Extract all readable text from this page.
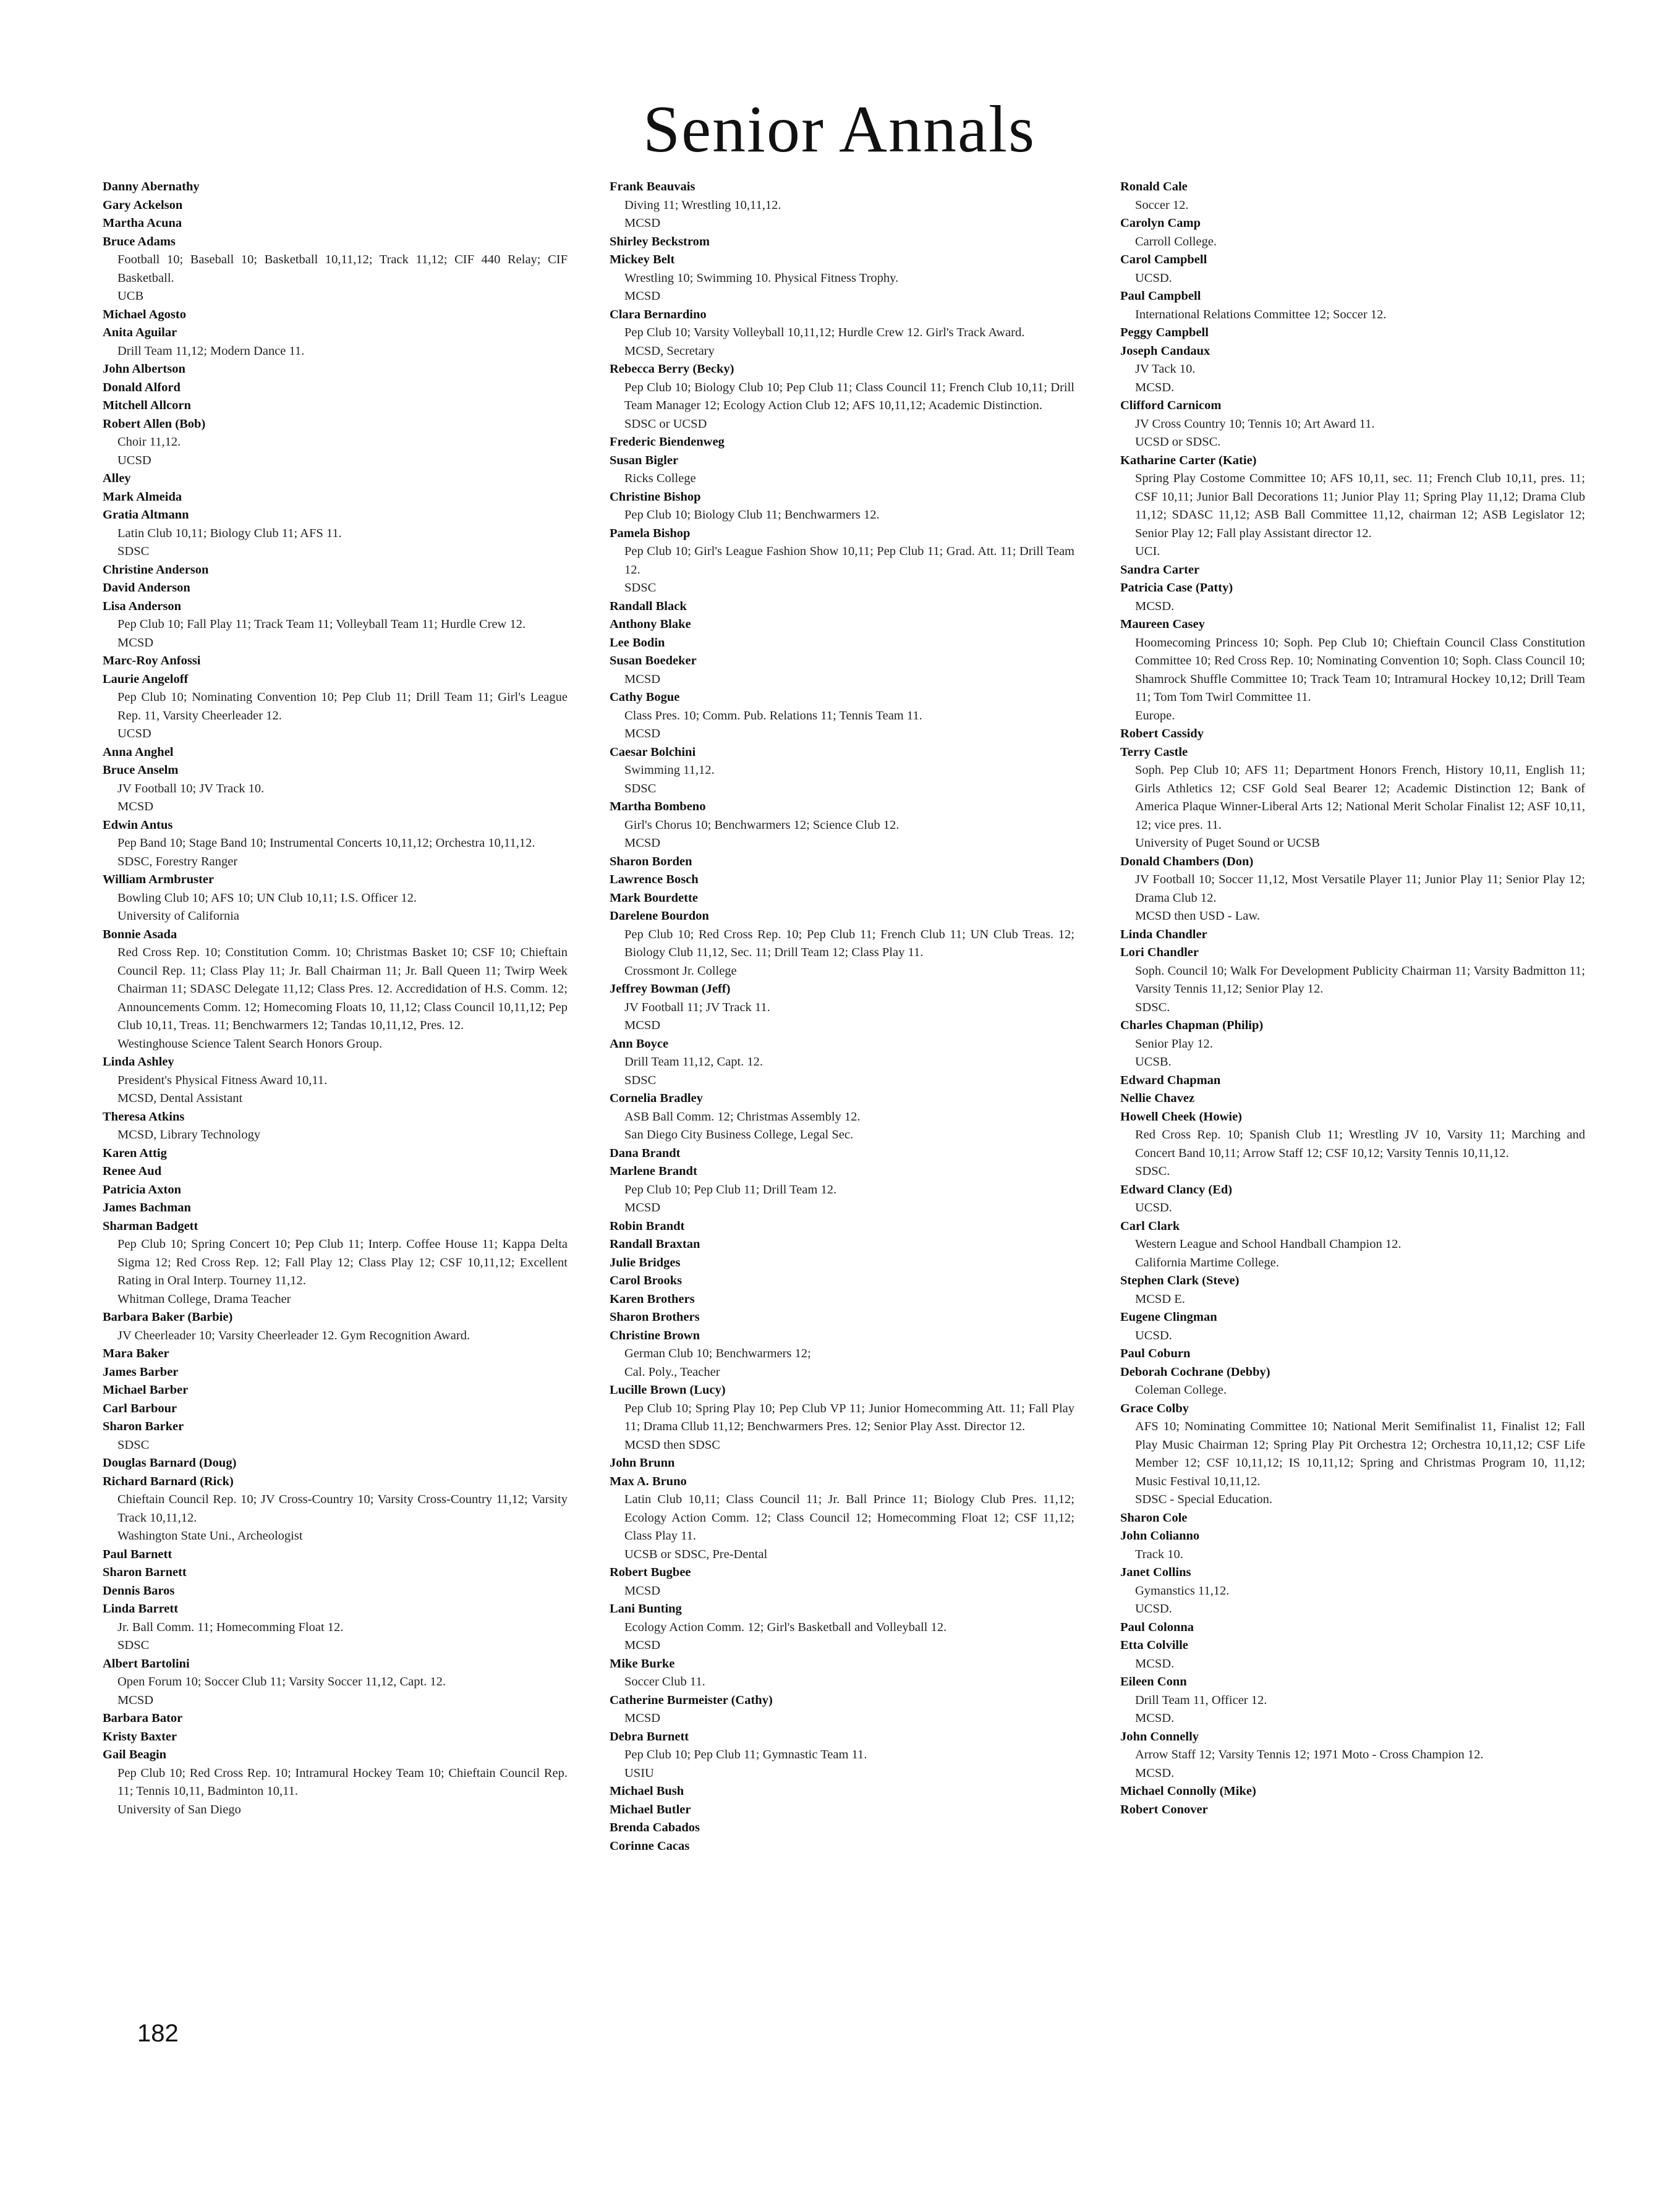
Senior Annals
Danny Abernathy
Gary Ackelson
Martha Acuna
Bruce Adams
Football 10; Baseball 10; Basketball 10,11,12; Track 11,12; CIF 440 Relay; CIF Basketball.
UCB
Michael Agosto
Anita Aguilar
Drill Team 11,12; Modern Dance 11.
John Albertson
Donald Alford
Mitchell Allcorn
Robert Allen (Bob)
Choir 11,12.
UCSD
Alley
Mark Almeida
Gratia Altmann
Latin Club 10,11; Biology Club 11; AFS 11.
SDSC
Christine Anderson
David Anderson
Lisa Anderson
Pep Club 10; Fall Play 11; Track Team 11; Volleyball Team 11; Hurdle Crew 12.
MCSD
Marc-Roy Anfossi
Laurie Angeloff
Pep Club 10; Nominating Convention 10; Pep Club 11; Drill Team 11; Girl's League Rep. 11, Varsity Cheerleader 12.
UCSD
Anna Anghel
Bruce Anselm
JV Football 10; JV Track 10.
MCSD
Edwin Antus
Pep Band 10; Stage Band 10; Instrumental Concerts 10,11,12; Orchestra 10,11,12.
SDSC, Forestry Ranger
William Armbruster
Bowling Club 10; AFS 10; UN Club 10,11; I.S. Officer 12.
University of California
Bonnie Asada
Red Cross Rep. 10; Constitution Comm. 10; Christmas Basket 10; CSF 10; Chieftain Council Rep. 11; Class Play 11; Jr. Ball Chairman 11; Jr. Ball Queen 11; Twirp Week Chairman 11; SDASC Delegate 11,12; Class Pres. 12. Accredidation of H.S. Comm. 12; Announcements Comm. 12; Homecoming Floats 10, 11,12; Class Council 10,11,12; Pep Club 10,11, Treas. 11; Benchwarmers 12; Tandas 10,11,12, Pres. 12.
Westinghouse Science Talent Search Honors Group.
Linda Ashley
President's Physical Fitness Award 10,11.
MCSD, Dental Assistant
Theresa Atkins
MCSD, Library Technology
Karen Attig
Renee Aud
Patricia Axton
James Bachman
Sharman Badgett
Pep Club 10; Spring Concert 10; Pep Club 11; Interp. Coffee House 11; Kappa Delta Sigma 12; Red Cross Rep. 12; Fall Play 12; Class Play 12; CSF 10,11,12; Excellent Rating in Oral Interp. Tourney 11,12.
Whitman College, Drama Teacher
Barbara Baker (Barbie)
JV Cheerleader 10; Varsity Cheerleader 12. Gym Recognition Award.
Mara Baker
James Barber
Michael Barber
Carl Barbour
Sharon Barker
SDSC
Douglas Barnard (Doug)
Richard Barnard (Rick)
Chieftain Council Rep. 10; JV Cross-Country 10; Varsity Cross-Country 11,12; Varsity Track 10,11,12.
Washington State Uni., Archeologist
Paul Barnett
Sharon Barnett
Dennis Baros
Linda Barrett
Jr. Ball Comm. 11; Homecomming Float 12.
SDSC
Albert Bartolini
Open Forum 10; Soccer Club 11; Varsity Soccer 11,12, Capt. 12.
MCSD
Barbara Bator
Kristy Baxter
Gail Beagin
Pep Club 10; Red Cross Rep. 10; Intramural Hockey Team 10; Chieftain Council Rep. 11; Tennis 10,11, Badminton 10,11.
University of San Diego
Frank Beauvais
Diving 11; Wrestling 10,11,12.
MCSD
Shirley Beckstrom
Mickey Belt
Wrestling 10; Swimming 10. Physical Fitness Trophy.
MCSD
Clara Bernardino
Pep Club 10; Varsity Volleyball 10,11,12; Hurdle Crew 12. Girl's Track Award.
MCSD, Secretary
Rebecca Berry (Becky)
Pep Club 10; Biology Club 10; Pep Club 11; Class Council 11; French Club 10,11; Drill Team Manager 12; Ecology Action Club 12; AFS 10,11,12; Academic Distinction.
SDSC or UCSD
Frederic Biendenweg
Susan Bigler
Ricks College
Christine Bishop
Pep Club 10; Biology Club 11; Benchwarmers 12.
Pamela Bishop
Pep Club 10; Girl's League Fashion Show 10,11; Pep Club 11; Grad. Att. 11; Drill Team 12.
SDSC
Randall Black
Anthony Blake
Lee Bodin
Susan Boedeker
MCSD
Cathy Bogue
Class Pres. 10; Comm. Pub. Relations 11; Tennis Team 11.
MCSD
Caesar Bolchini
Swimming 11,12.
SDSC
Martha Bombeno
Girl's Chorus 10; Benchwarmers 12; Science Club 12.
MCSD
Sharon Borden
Lawrence Bosch
Mark Bourdette
Darelene Bourdon
Pep Club 10; Red Cross Rep. 10; Pep Club 11; French Club 11; UN Club Treas. 12; Biology Club 11,12, Sec. 11; Drill Team 12; Class Play 11.
Crossmont Jr. College
Jeffrey Bowman (Jeff)
JV Football 11; JV Track 11.
MCSD
Ann Boyce
Drill Team 11,12, Capt. 12.
SDSC
Cornelia Bradley
ASB Ball Comm. 12; Christmas Assembly 12.
San Diego City Business College, Legal Sec.
Dana Brandt
Marlene Brandt
Pep Club 10; Pep Club 11; Drill Team 12.
MCSD
Robin Brandt
Randall Braxtan
Julie Bridges
Carol Brooks
Karen Brothers
Sharon Brothers
Christine Brown
German Club 10; Benchwarmers 12;
Cal. Poly., Teacher
Lucille Brown (Lucy)
Pep Club 10; Spring Play 10; Pep Club VP 11; Junior Homecomming Att. 11; Fall Play 11; Drama Cllub 11,12; Benchwarmers Pres. 12; Senior Play Asst. Director 12.
MCSD then SDSC
John Brunn
Max A. Bruno
Latin Club 10,11; Class Council 11; Jr. Ball Prince 11; Biology Club Pres. 11,12; Ecology Action Comm. 12; Class Council 12; Homecomming Float 12; CSF 11,12; Class Play 11.
UCSB or SDSC, Pre-Dental
Robert Bugbee
MCSD
Lani Bunting
Ecology Action Comm. 12; Girl's Basketball and Volleyball 12.
MCSD
Mike Burke
Soccer Club 11.
Catherine Burmeister (Cathy)
MCSD
Debra Burnett
Pep Club 10; Pep Club 11; Gymnastic Team 11.
USIU
Michael Bush
Michael Butler
Brenda Cabados
Corinne Cacas
Ronald Cale
Soccer 12.
Carolyn Camp
Carroll College.
Carol Campbell
UCSD.
Paul Campbell
International Relations Committee 12; Soccer 12.
Peggy Campbell
Joseph Candaux
JV Tack 10.
MCSD.
Clifford Carnicom
JV Cross Country 10; Tennis 10; Art Award 11.
UCSD or SDSC.
Katharine Carter (Katie)
Spring Play Costome Committee 10; AFS 10,11, sec. 11; French Club 10,11, pres. 11; CSF 10,11; Junior Ball Decorations 11; Junior Play 11; Spring Play 11,12; Drama Club 11,12; SDASC 11,12; ASB Ball Committee 11,12, chairman 12; ASB Legislator 12; Senior Play 12; Fall play Assistant director 12.
UCI.
Sandra Carter
Patricia Case (Patty)
MCSD.
Maureen Casey
Hoomecoming Princess 10; Soph. Pep Club 10; Chieftain Council Class Constitution Committee 10; Red Cross Rep. 10; Nominating Convention 10; Soph. Class Council 10; Shamrock Shuffle Committee 10; Track Team 10; Intramural Hockey 10,12; Drill Team 11; Tom Tom Twirl Committee 11.
Europe.
Robert Cassidy
Terry Castle
Soph. Pep Club 10; AFS 11; Department Honors French, History 10,11, English 11; Girls Athletics 12; CSF Gold Seal Bearer 12; Academic Distinction 12; Bank of America Plaque Winner-Liberal Arts 12; National Merit Scholar Finalist 12; ASF 10,11, 12; vice pres. 11.
University of Puget Sound or UCSB
Donald Chambers (Don)
JV Football 10; Soccer 11,12, Most Versatile Player 11; Junior Play 11; Senior Play 12; Drama Club 12.
MCSD then USD - Law.
Linda Chandler
Lori Chandler
Soph. Council 10; Walk For Development Publicity Chairman 11; Varsity Badmitton 11; Varsity Tennis 11,12; Senior Play 12.
SDSC.
Charles Chapman (Philip)
Senior Play 12.
UCSB.
Edward Chapman
Nellie Chavez
Howell Cheek (Howie)
Red Cross Rep. 10; Spanish Club 11; Wrestling JV 10, Varsity 11; Marching and Concert Band 10,11; Arrow Staff 12; CSF 10,12; Varsity Tennis 10,11,12.
SDSC.
Edward Clancy (Ed)
UCSD.
Carl Clark
Western League and School Handball Champion 12.
California Martime College.
Stephen Clark (Steve)
MCSD E.
Eugene Clingman
UCSD.
Paul Coburn
Deborah Cochrane (Debby)
Coleman College.
Grace Colby
AFS 10; Nominating Committee 10; National Merit Semifinalist 11, Finalist 12; Fall Play Music Chairman 12; Spring Play Pit Orchestra 12; Orchestra 10,11,12; CSF Life Member 12; CSF 10,11,12; IS 10,11,12; Spring and Christmas Program 10, 11,12; Music Festival 10,11,12.
SDSC - Special Education.
Sharon Cole
John Colianno
Track 10.
Janet Collins
Gymanstics 11,12.
UCSD.
Paul Colonna
Etta Colville
MCSD.
Eileen Conn
Drill Team 11, Officer 12.
MCSD.
John Connelly
Arrow Staff 12; Varsity Tennis 12; 1971 Moto - Cross Champion 12.
MCSD.
Michael Connolly (Mike)
Robert Conover
182
